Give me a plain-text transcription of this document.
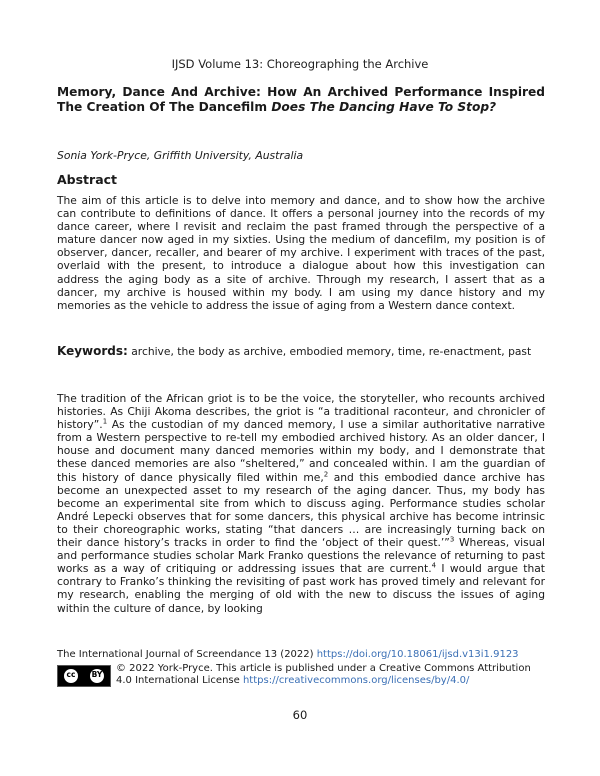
IJSD Volume 13: Choreographing the Archive
Memory, Dance And Archive: How An Archived Performance Inspired The Creation Of The Dancefilm Does The Dancing Have To Stop?
Sonia York-Pryce, Griffith University, Australia
Abstract

The aim of this article is to delve into memory and dance, and to show how the archive can contribute to definitions of dance. It offers a personal journey into the records of my dance career, where I revisit and reclaim the past framed through the perspective of a mature dancer now aged in my sixties. Using the medium of dancefilm, my position is of observer, dancer, recaller, and bearer of my archive. I experiment with traces of the past, overlaid with the present, to introduce a dialogue about how this investigation can address the aging body as a site of archive. Through my research, I assert that as a dancer, my archive is housed within my body. I am using my dance history and my memories as the vehicle to address the issue of aging from a Western dance context.

Keywords: archive, the body as archive, embodied memory, time, re-enactment, past

The tradition of the African griot is to be the voice, the storyteller, who recounts archived histories. As Chiji Akoma describes, the griot is “a traditional raconteur, and chronicler of history”.$^1$ As the custodian of my danced memory, I use a similar authoritative narrative from a Western perspective to re-tell my embodied archived history. As an older dancer, I house and document many danced memories within my body, and I demonstrate that these danced memories are also “sheltered,” and concealed within. I am the guardian of this history of dance physically filed within me,$^2$ and this embodied dance archive has become an unexpected asset to my research of the aging dancer. Thus, my body has become an experimental site from which to discuss aging. Performance studies scholar André Lepecki observes that for some dancers, this physical archive has become intrinsic to their choreographic works, stating “that dancers … are increasingly turning back on their dance history’s tracks in order to find the ‘object of their quest.’”$^3$ Whereas, visual and performance studies scholar Mark Franko questions the relevance of returning to past works as a way of critiquing or addressing issues that are current.$^4$ I would argue that contrary to Franko’s thinking the revisiting of past work has proved timely and relevant for my research, enabling the merging of old with the new to discuss the issues of aging within the culture of dance, by looking

The International Journal of Screendance 13 (2022) https://doi.org/10.18061/ijsd.v13i1.9123
cc	BY
© 2022 York-Pryce. This article is published under a Creative Commons Attribution 4.0 International License https://creativecommons.org/licenses/by/4.0/
60
